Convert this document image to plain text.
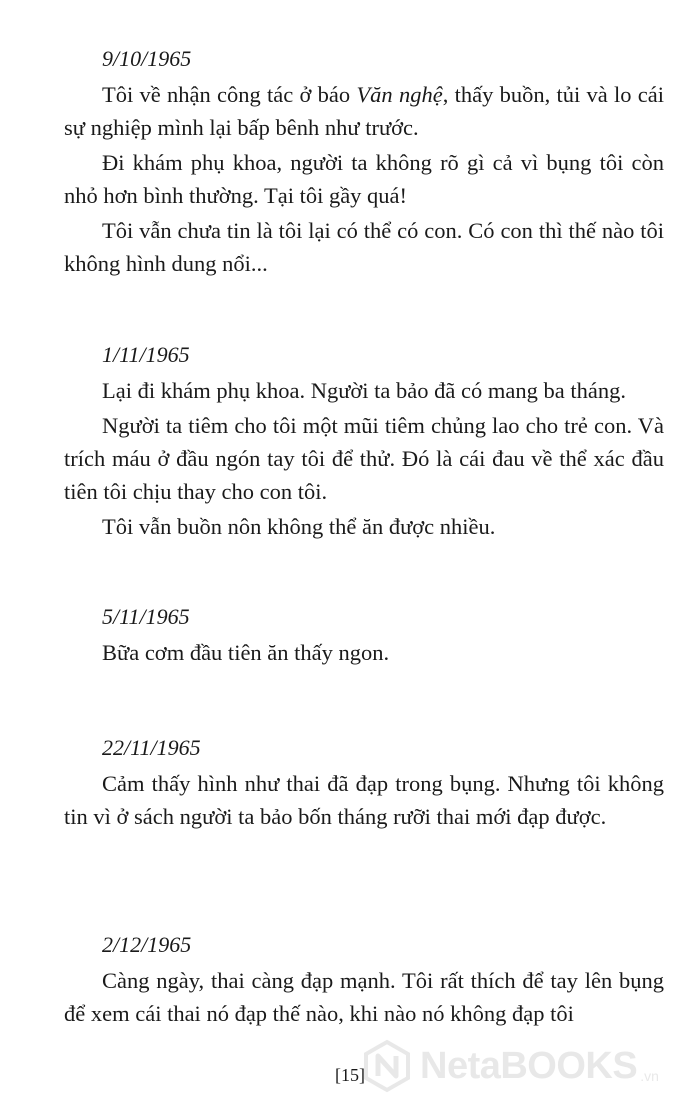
9/10/1965

Tôi về nhận công tác ở báo Văn nghệ, thấy buồn, tủi và lo cái sự nghiệp mình lại bấp bênh như trước.

Đi khám phụ khoa, người ta không rõ gì cả vì bụng tôi còn nhỏ hơn bình thường. Tại tôi gầy quá!

Tôi vẫn chưa tin là tôi lại có thể có con. Có con thì thế nào tôi không hình dung nổi...

1/11/1965

Lại đi khám phụ khoa. Người ta bảo đã có mang ba tháng.

Người ta tiêm cho tôi một mũi tiêm chủng lao cho trẻ con. Và trích máu ở đầu ngón tay tôi để thử. Đó là cái đau về thể xác đầu tiên tôi chịu thay cho con tôi.

Tôi vẫn buồn nôn không thể ăn được nhiều.

5/11/1965

Bữa cơm đầu tiên ăn thấy ngon.

22/11/1965

Cảm thấy hình như thai đã đạp trong bụng. Nhưng tôi không tin vì ở sách người ta bảo bốn tháng rưỡi thai mới đạp được.

2/12/1965

Càng ngày, thai càng đạp mạnh. Tôi rất thích để tay lên bụng để xem cái thai nó đạp thế nào, khi nào nó không đạp tôi

[15]	NetaBOOKS .vn
